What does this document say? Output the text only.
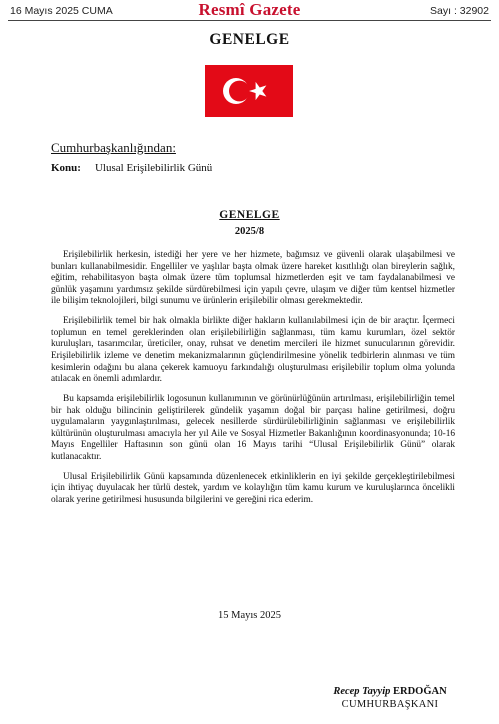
16 Mayıs 2025 CUMA	Resmî Gazete	Sayı : 32902
GENELGE
Cumhurbaşkanlığından:
Konu: Ulusal Erişilebilirlik Günü
GENELGE
2025/8

Erişilebilirlik herkesin, istediği her yere ve her hizmete, bağımsız ve güvenli olarak ulaşabilmesi ve bunları kullanabilmesidir. Engelliler ve yaşlılar başta olmak üzere hareket kısıtlılığı olan bireylerin sağlık, eğitim, rehabilitasyon başta olmak üzere tüm toplumsal hizmetlerden eşit ve tam faydalanabilmesi ve günlük yaşamını yardımsız şekilde sürdürebilmesi için yapılı çevre, ulaşım ve diğer tüm kentsel hizmetler ile bilişim teknolojileri, bilgi sunumu ve ürünlerin erişilebilir olması gerekmektedir.

Erişilebilirlik temel bir hak olmakla birlikte diğer hakların kullanılabilmesi için de bir araçtır. İçermeci toplumun en temel gereklerinden olan erişilebilirliğin sağlanması, tüm kamu kurumları, özel sektör kuruluşları, tasarımcılar, üreticiler, onay, ruhsat ve denetim mercileri ile hizmet sunucularının görevidir. Erişilebilirlik izleme ve denetim mekanizmalarının güçlendirilmesine yönelik tedbirlerin alınması ve tüm kesimlerin odağını bu alana çekerek kamuoyu farkındalığı oluşturulması erişilebilir toplum olma yolunda atılacak en önemli adımlardır.

Bu kapsamda erişilebilirlik logosunun kullanımının ve görünürlüğünün artırılması, erişilebilirliğin temel bir hak olduğu bilincinin geliştirilerek gündelik yaşamın doğal bir parçası haline getirilmesi, doğru uygulamaların yaygınlaştırılması, gelecek nesillerde sürdürülebilirliğinin sağlanması ve erişilebilirlik kültürünün oluşturulması amacıyla her yıl Aile ve Sosyal Hizmetler Bakanlığının koordinasyonunda; 10-16 Mayıs Engelliler Haftasının son günü olan 16 Mayıs tarihi “Ulusal Erişilebilirlik Günü” olarak kutlanacaktır.

Ulusal Erişilebilirlik Günü kapsamında düzenlenecek etkinliklerin en iyi şekilde gerçekleştirilebilmesi için ihtiyaç duyulacak her türlü destek, yardım ve kolaylığın tüm kamu kurum ve kuruluşlarınca öncelikli olarak yerine getirilmesi hususunda bilgilerini ve gereğini rica ederim.

15 Mayıs 2025
Recep Tayyip ERDOĞAN
CUMHURBAŞKANI
